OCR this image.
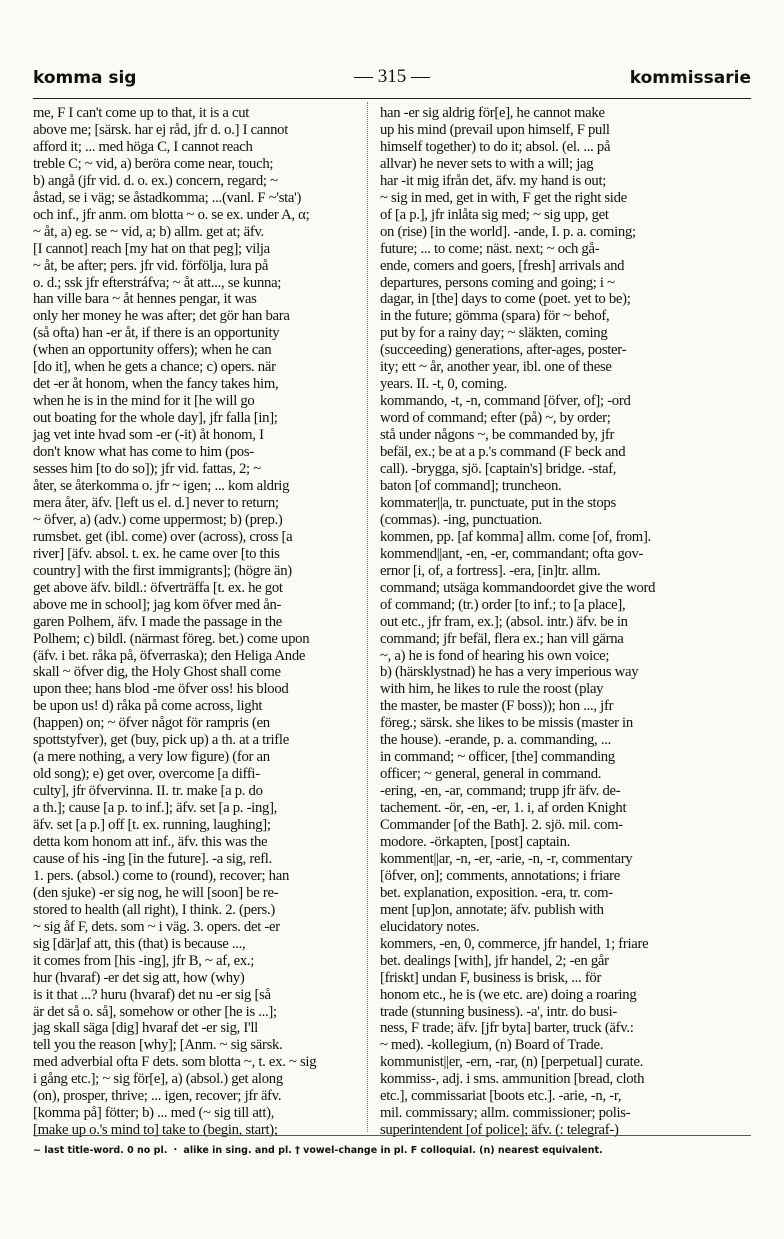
komma sig	— 315 —	kommissarie
me, F I can't come up to that, it is a cut
above me; [särsk. har ej råd, jfr d. o.] I cannot
afford it; ... med höga C, I cannot reach
treble C; ~ vid, a) berörа come near, touch;
b) angå (jfr vid. d. o. ex.) concern, regard; ~
åstad, se i väg; se åstadkomma; ...(vanl. F ~'sta')
och inf., jfr anm. om blotta ~ o. se ex. under A, α;
~ åt, a) eg. se ~ vid, a; b) allm. get at; äfv.
[I cannot] reach [my hat on that peg]; vilja
~ åt, be after; pers. jfr vid. förfölja, lura på
o. d.; ssk jfr efterstráfva; ~ åt att..., se kunna;
han ville bara ~ åt hennes pengar, it was
only her money he was after; det gör han bara
(så ofta) han -er åt, if there is an opportunity
(when an opportunity offers); when he can
[do it], when he gets a chance; c) opers. när
det -er åt honom, when the fancy takes him,
when he is in the mind for it [he will go
out boating for the whole day], jfr falla [in];
jag vet inte hvad som -er (-it) åt honom, I
don't know what has come to him (pos-
sesses him [to do so]); jfr vid. fattas, 2; ~
åter, se återkomma o. jfr ~ igen; ... kom aldrig
mera åter, äfv. [left us el. d.] never to return;
~ öfver, a) (adv.) come uppermost; b) (prep.)
rumsbet. get (ibl. come) over (across), cross [a
river] [äfv. absol. t. ex. he came over [to this
country] with the first immigrants]; (högre än)
get above äfv. bildl.: öfverträffa [t. ex. he got
above me in school]; jag kom öfver med ån-
garen Polhem, äfv. I made the passage in the
Polhem; c) bildl. (närmast föreg. bet.) come upon
(äfv. i bet. råka på, öfverraska); den Heliga Ande
skall ~ öfver dig, the Holy Ghost shall come
upon thee; hans blod -me öfver oss! his blood
be upon us! d) råka på come across, light
(happen) on; ~ öfver något för rampris (en
spottstyfver), get (buy, pick up) a th. at a trifle
(a mere nothing, a very low figure) (for an
old song); e) get over, overcome [a diffi-
culty], jfr öfvervinna. II. tr. make [a p. do
a th.]; cause [a p. to inf.]; äfv. set [a p. -ing],
äfv. set [a p.] off [t. ex. running, laughing];
detta kom honom att inf., äfv. this was the
cause of his -ing [in the future]. -a sig, refl.
1. pers. (absol.) come to (round), recover; han
(den sjuke) -er sig nog, he will [soon] be re-
stored to health (all right), I think. 2. (pers.)
~ sig åf F, dets. som ~ i väg. 3. opers. det -er
sig [där]af att, this (that) is because ...,
it comes from [his -ing], jfr B, ~ af, ex.;
hur (hvaraf) -er det sig att, how (why)
is it that ...? huru (hvaraf) det nu -er sig [så
är det så o. så], somehow or other [he is ...];
jag skall säga [dig] hvaraf det -er sig, I'll
tell you the reason [why]; [Anm. ~ sig särsk.
med adverbial ofta F dets. som blotta ~, t. ex. ~ sig
i gång etc.]; ~ sig för[e], a) (absol.) get along
(on), prosper, thrive; ... igen, recover; jfr äfv.
[komma på] fötter; b) ... med (~ sig till att),
[make up o.'s mind to] take to (begin, start);
han -er sig aldrig för[e], he cannot make
up his mind (prevail upon himself, F pull
himself together) to do it; absol. (el. ... på
allvar) he never sets to with a will; jag
har -it mig ifrån det, äfv. my hand is out;
~ sig in med, get in with, F get the right side
of [a p.], jfr inlåta sig med; ~ sig upp, get
on (rise) [in the world]. -ande, I. p. a. coming;
future; ... to come; näst. next; ~ och gå-
ende, comers and goers, [fresh] arrivals and
departures, persons coming and going; i ~
dagar, in [the] days to come (poet. yet to be);
in the future; gömma (spara) för ~ behof,
put by for a rainy day; ~ släkten, coming
(succeeding) generations, after-ages, poster-
ity; ett ~ år, another year, ibl. one of these
years. II. -t, 0, coming.
kommando, -t, -n, command [öfver, of]; -ord
word of command; efter (på) ~, by order;
stå under någons ~, be commanded by, jfr
befäl, ex.; be at a p.'s command (F beck and
call). -brygga, sjö. [captain's] bridge. -staf,
baton [of command]; truncheon.
kommater||a, tr. punctuate, put in the stops
(commas). -ing, punctuation.
kommen, pp. [af komma] allm. come [of, from].
kommend||ant, -en, -er, commandant; ofta gov-
ernor [i, of, a fortress]. -era, [in]tr. allm.
command; utsäga kommandoordet give the word
of command; (tr.) order [to inf.; to [a place],
out etc., jfr fram, ex.]; (absol. intr.) äfv. be in
command; jfr befäl, flera ex.; han vill gärna
~, a) he is fond of hearing his own voice;
b) (härsklystnad) he has a very imperious way
with him, he likes to rule the roost (play
the master, be master (F boss)); hon ..., jfr
föreg.; särsk. she likes to be missis (master in
the house). -erande, p. a. commanding, ...
in command; ~ officer, [the] commanding
officer; ~ general, general in command.
-ering, -en, -ar, command; trupp jfr äfv. de-
tachement. -ör, -en, -er, 1. i, af orden Knight
Commander [of the Bath]. 2. sjö. mil. com-
modore. -örkapten, [post] captain.
komment||ar, -n, -er, -arie, -n, -r, commentary
[öfver, on]; comments, annotations; i friare
bet. explanation, exposition. -era, tr. com-
ment [up]on, annotate; äfv. publish with
elucidatory notes.
kommers, -en, 0, commerce, jfr handel, 1; friare
bet. dealings [with], jfr handel, 2; -en går
[friskt] undan F, business is brisk, ... för
honom etc., he is (we etc. are) doing a roaring
trade (stunning business). -a', intr. do busi-
ness, F trade; äfv. [jfr byta] barter, truck (äfv.:
~ med). -kollegium, (n) Board of Trade.
kommunist||er, -ern, -rar, (n) [perpetual] curate.
kommiss-, adj. i sms. ammunition [bread, cloth
etc.], commissariat [boots etc.]. -arie, -n, -r,
mil. commissary; allm. commissioner; polis-
superintendent [of police]; äfv. (: telegraf-)
~ last title-word. 0 no pl. ・ alike in sing. and pl. † vowel-change in pl. F colloquial. (n) nearest equivalent.
